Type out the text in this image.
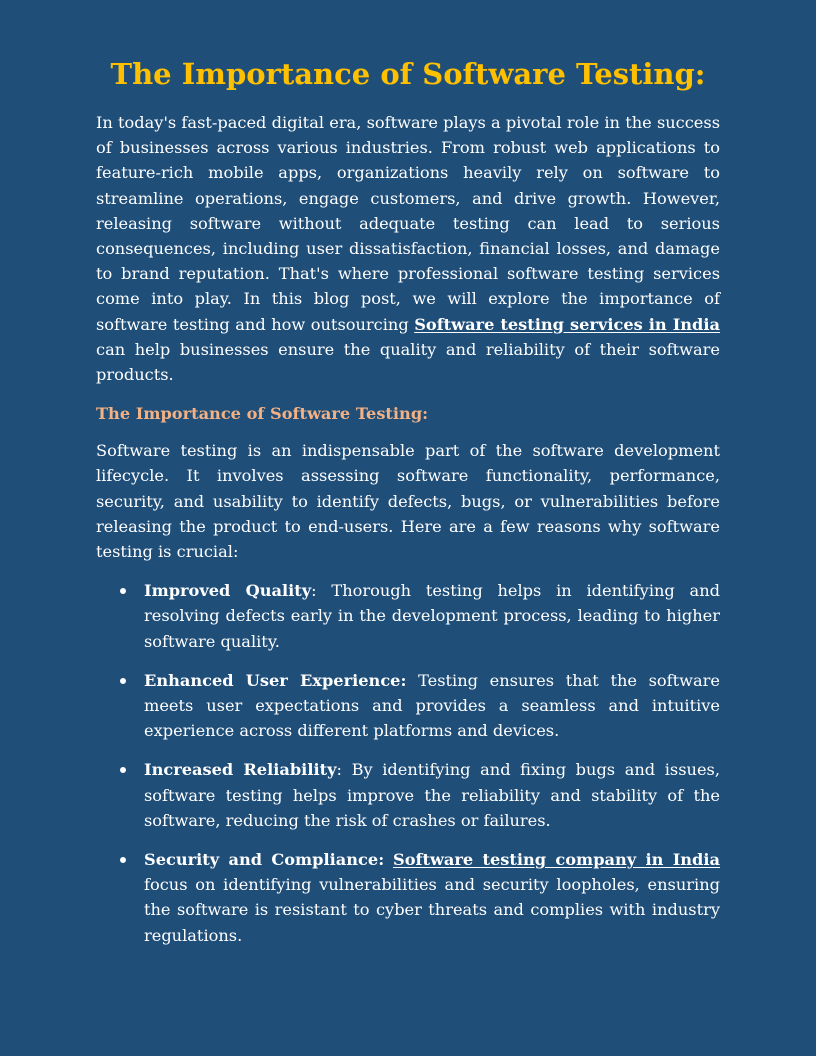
The Importance of Software Testing:

In today's fast-paced digital era, software plays a pivotal role in the success of businesses across various industries. From robust web applications to feature-rich mobile apps, organizations heavily rely on software to streamline operations, engage customers, and drive growth. However, releasing software without adequate testing can lead to serious consequences, including user dissatisfaction, financial losses, and damage to brand reputation. That's where professional software testing services come into play. In this blog post, we will explore the importance of software testing and how outsourcing Software testing services in India can help businesses ensure the quality and reliability of their software products.

The Importance of Software Testing:

Software testing is an indispensable part of the software development lifecycle. It involves assessing software functionality, performance, security, and usability to identify defects, bugs, or vulnerabilities before releasing the product to end-users. Here are a few reasons why software testing is crucial:

Improved Quality: Thorough testing helps in identifying and resolving defects early in the development process, leading to higher software quality.
Enhanced User Experience: Testing ensures that the software meets user expectations and provides a seamless and intuitive experience across different platforms and devices.
Increased Reliability: By identifying and fixing bugs and issues, software testing helps improve the reliability and stability of the software, reducing the risk of crashes or failures.
Security and Compliance: Software testing company in India focus on identifying vulnerabilities and security loopholes, ensuring the software is resistant to cyber threats and complies with industry regulations.
